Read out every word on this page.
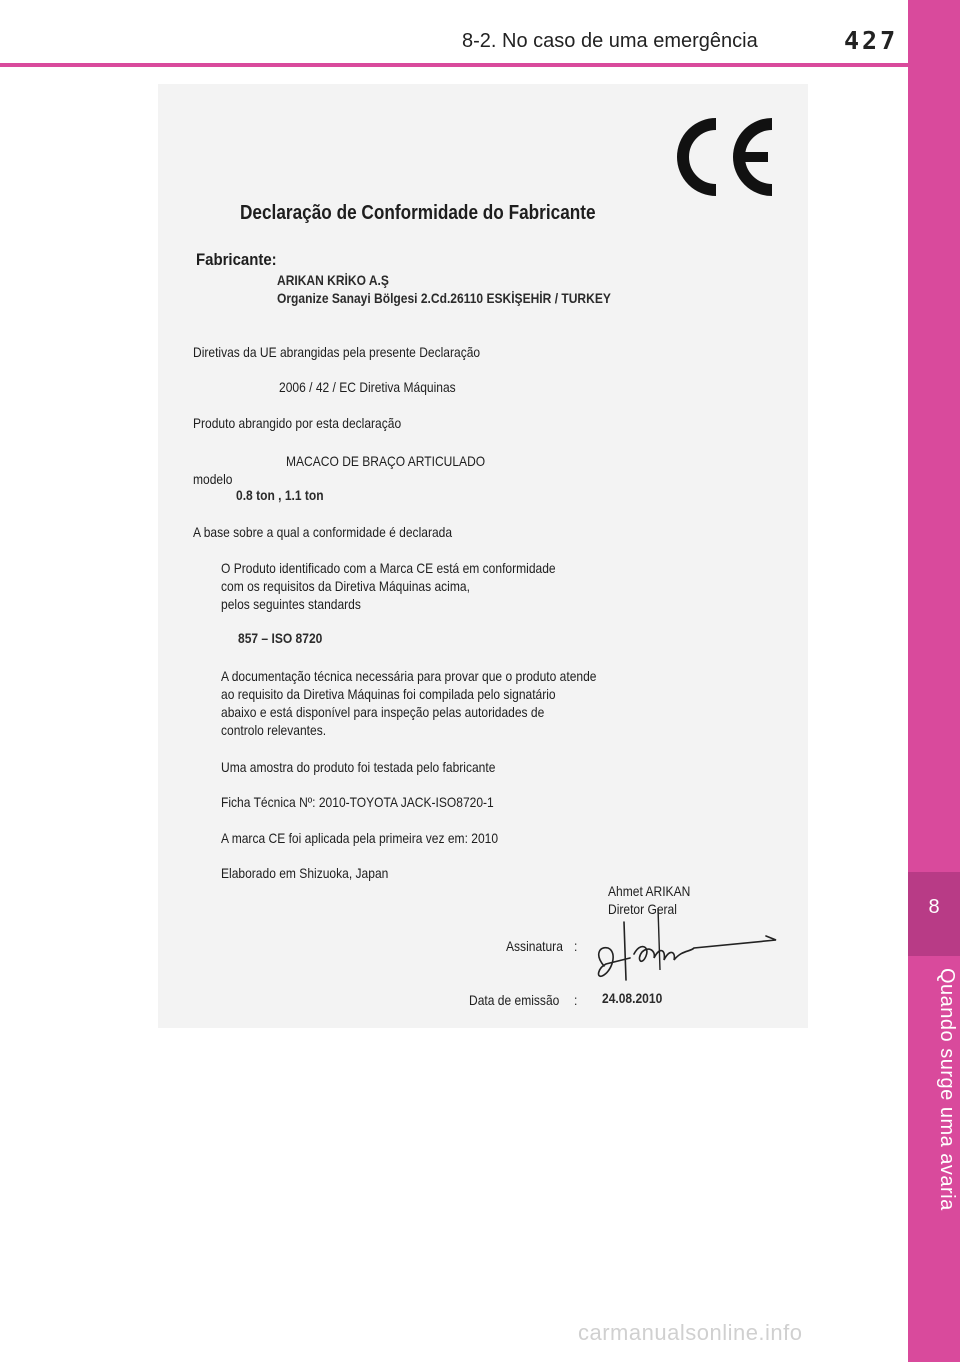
8-2. No caso de uma emergência	427
8
Quando surge uma avaria
Declaração de Conformidade do Fabricante
Fabricante:
ARIKAN KRİKO A.Ş
Organize Sanayi Bölgesi 2.Cd.26110 ESKİŞEHİR / TURKEY
Diretivas da UE abrangidas pela presente Declaração
2006 / 42 / EC Diretiva Máquinas
Produto abrangido por esta declaração
MACACO DE BRAÇO ARTICULADO
modelo
0.8 ton , 1.1 ton
A base sobre a qual a conformidade é declarada
O Produto identificado com a Marca CE está em conformidade
com os requisitos da Diretiva Máquinas acima,
pelos seguintes standards
857 – ISO 8720
A documentação técnica necessária para provar que o produto atende
ao requisito da Diretiva Máquinas foi compilada pelo signatário
abaixo e está disponível para inspeção pelas autoridades de
controlo relevantes.
Uma amostra do produto foi testada pelo fabricante
Ficha Técnica Nº: 2010-TOYOTA JACK-ISO8720-1
A marca CE foi aplicada pela primeira vez em: 2010
Elaborado em Shizuoka, Japan
Ahmet ARIKAN
Diretor Geral
Assinatura :
Data de emissão : 24.08.2010
carmanualsonline.info
